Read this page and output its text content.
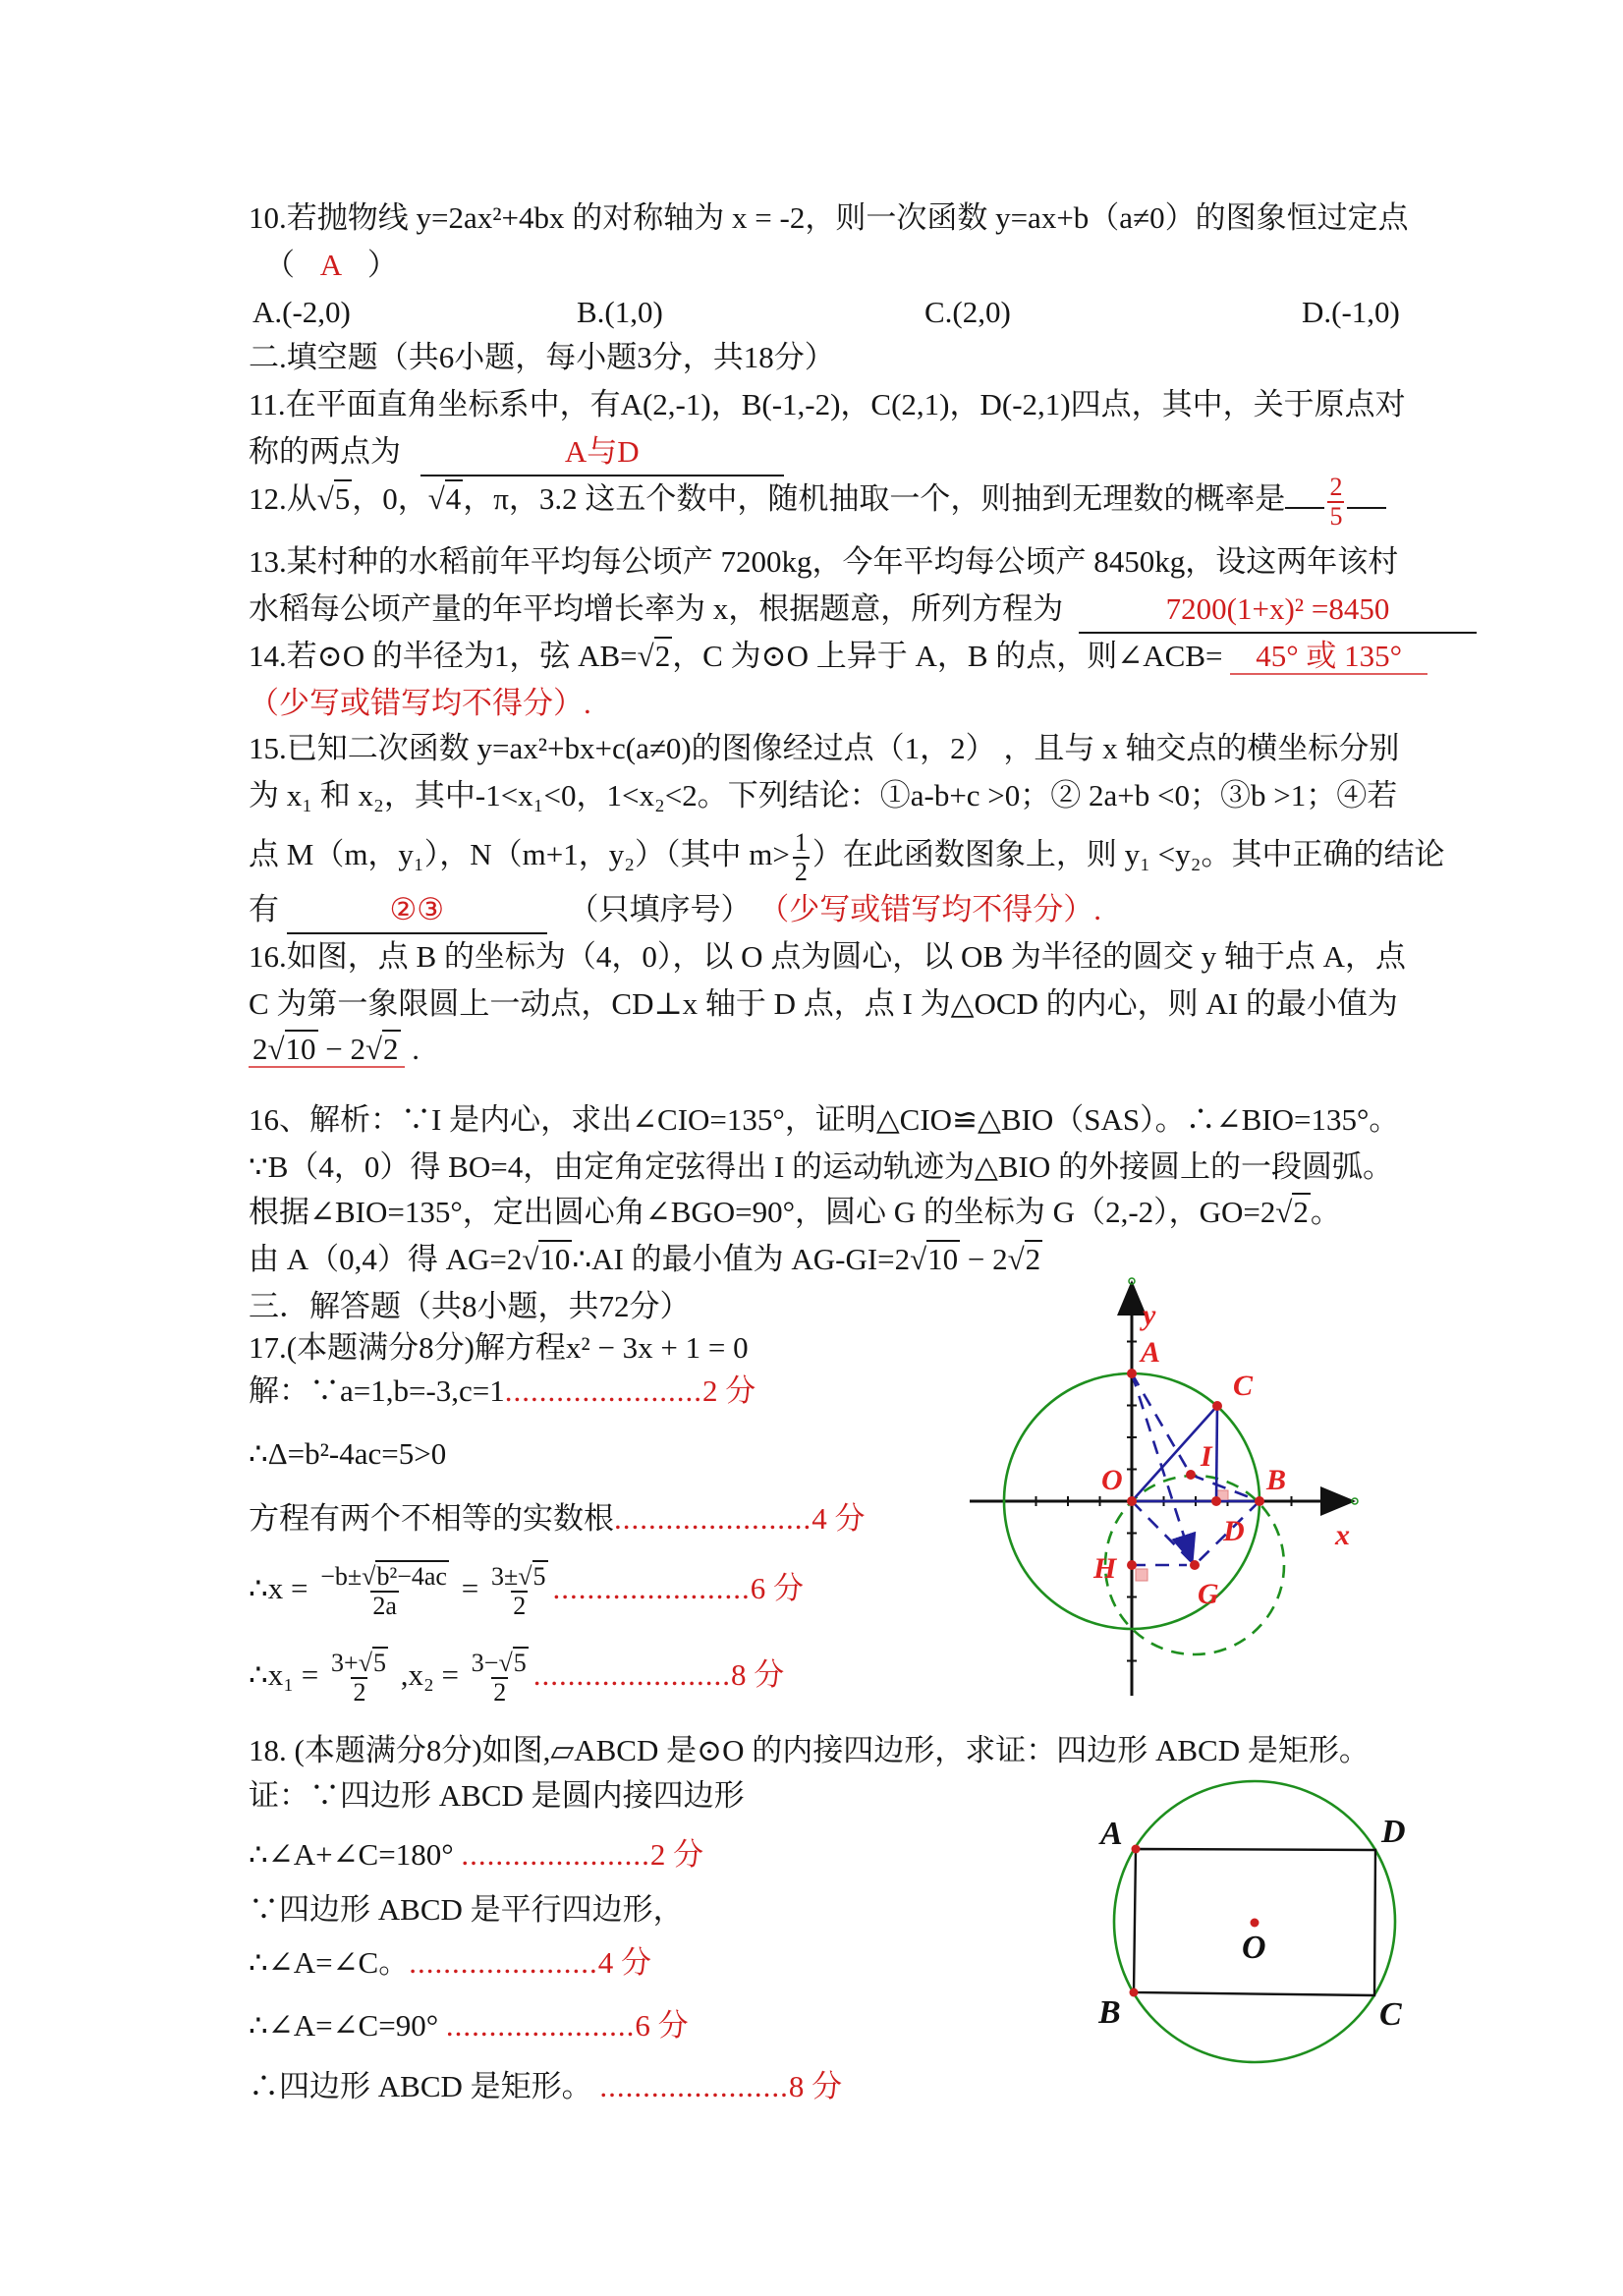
10.若抛物线 y=2ax²+4bx 的对称轴为 x = -2，则一次函数 y=ax+b（a≠0）的图象恒过定点
（ A ）
A.(-2,0)	B.(1,0)	C.(2,0)	D.(-1,0)
二.填空题（共6小题，每小题3分，共18分）
11.在平面直角坐标系中，有A(2,-1)，B(-1,-2)，C(2,1)，D(-2,1)四点，其中，关于原点对
称的两点为	A与D
12.从√5，0，√4，π，3.2 这五个数中，随机抽取一个，则抽到无理数的概率是 $\frac{2}{5}$
13.某村种的水稻前年平均每公顷产 7200kg，今年平均每公顷产 8450kg，设这两年该村
水稻每公顷产量的年平均增长率为 x，根据题意，所列方程为	7200(1+x)² =8450
14.若⊙O 的半径为1，弦 AB=√2，C 为⊙O 上异于 A，B 的点，则∠ACB= 45° 或 135°
（少写或错写均不得分）.
15.已知二次函数 y=ax²+bx+c(a≠0)的图像经过点（1，2） ，且与 x 轴交点的横坐标分别
为 x₁ 和 x₂，其中-1<x₁<0，1<x₂<2。下列结论：①a-b+c >0；② 2a+b <0；③b >1；④若
点 M（m，y₁），N（m+1，y₂）（其中 $m> \frac{1}{2}$ ）在此函数图象上，则 y₁ <y₂。其中正确的结论
有	②③	（只填序号） （少写或错写均不得分）.
16.如图，点 B 的坐标为（4，0），以 O 点为圆心，以 OB 为半径的圆交 y 轴于点 A，点
C 为第一象限圆上一动点，CD⊥x 轴于 D 点，点 I 为△OCD 的内心，则 AI 的最小值为
2√10 − 2√2 .
16、解析：∵I 是内心，求出∠CIO=135°，证明△CIO≌△BIO（SAS）。∴∠BIO=135°。
∵B（4，0）得 BO=4，由定角定弦得出 I 的运动轨迹为△BIO 的外接圆上的一段圆弧。
根据∠BIO=135°，定出圆心角∠BGO=90°，圆心 G 的坐标为 G（2,-2），GO=2√2。
由 A（0,4）得 AG=2√10∴AI 的最小值为 AG-GI=2√10 − 2√2
三．解答题（共8小题，共72分）
17.(本题满分8分)解方程x² − 3x + 1 = 0
解：∵a=1,b=-3,c=1.......................2 分
∴Δ=b²-4ac=5>0
方程有两个不相等的实数根.......................4 分
∴x = $\frac{\text{−b±√b²−4ac}}{2a} = \frac{3\pm√5}{2} .......................6$ 分
∴x₁ = $\frac{3+√5}{2} ,x_2 = \frac{3-√5}{2} .......................8$ 分
18. (本题满分8分)如图,▱ABCD 是⊙O 的内接四边形，求证：四边形 ABCD 是矩形。
证：∵四边形 ABCD 是圆内接四边形
∴∠A+∠C=180° ......................2 分
∵四边形 ABCD 是平行四边形，
∴∠A=∠C。......................4 分
∴∠A=∠C=90° ......................6 分
∴四边形 ABCD 是矩形。 ......................8 分
y
x
A
C
I
O	B
D
H
G
A	D
B	C
O
